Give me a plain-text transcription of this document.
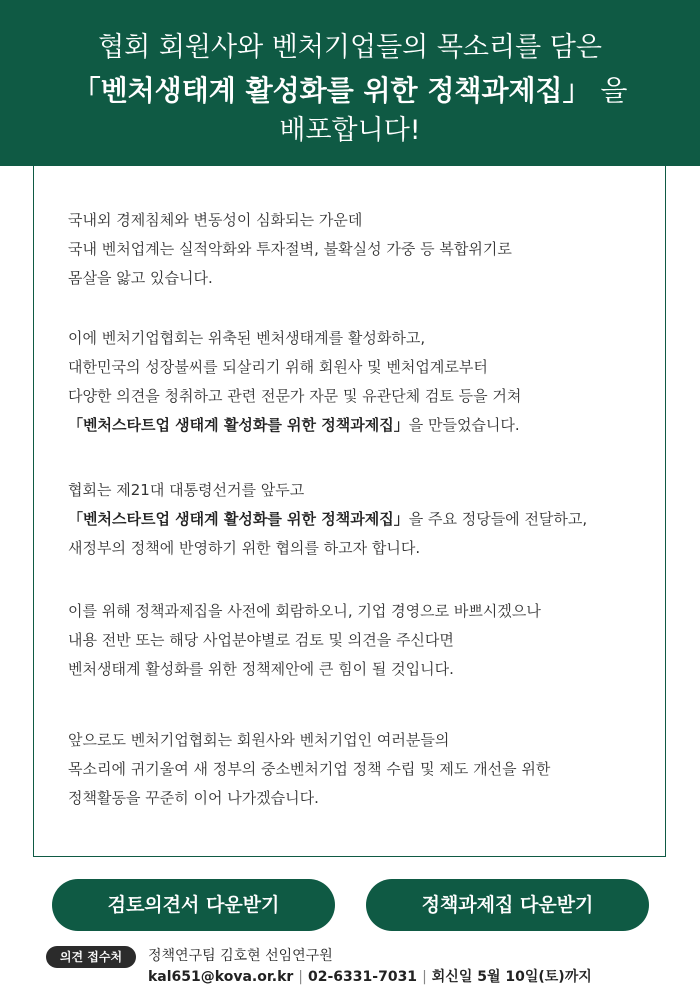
협회 회원사와 벤처기업들의 목소리를 담은
「벤처생태계 활성화를 위한 정책과제집」 을
배포합니다!
국내외 경제침체와 변동성이 심화되는 가운데
국내 벤처업계는 실적악화와 투자절벽, 불확실성 가중 등 복합위기로
몸살을 앓고 있습니다.
이에 벤처기업협회는 위축된 벤처생태계를 활성화하고,
대한민국의 성장불씨를 되살리기 위해 회원사 및 벤처업계로부터
다양한 의견을 청취하고 관련 전문가 자문 및 유관단체 검토 등을 거쳐
「벤처스타트업 생태계 활성화를 위한 정책과제집」을 만들었습니다.
협회는 제21대 대통령선거를 앞두고
「벤처스타트업 생태계 활성화를 위한 정책과제집」을 주요 정당들에 전달하고,
새정부의 정책에 반영하기 위한 협의를 하고자 합니다.
이를 위해 정책과제집을 사전에 회람하오니, 기업 경영으로 바쁘시겠으나
내용 전반 또는 해당 사업분야별로 검토 및 의견을 주신다면
벤처생태계 활성화를 위한 정책제안에 큰 힘이 될 것입니다.
앞으로도 벤처기업협회는 회원사와 벤처기업인 여러분들의
목소리에 귀기울여 새 정부의 중소벤처기업 정책 수립 및 제도 개선을 위한
정책활동을 꾸준히 이어 나가겠습니다.
검토의견서 다운받기	정책과제집 다운받기
의견 접수처	정책연구팀 김호현 선임연구원
kal651@kova.or.kr | 02-6331-7031 | 회신일 5월 10일(토)까지
